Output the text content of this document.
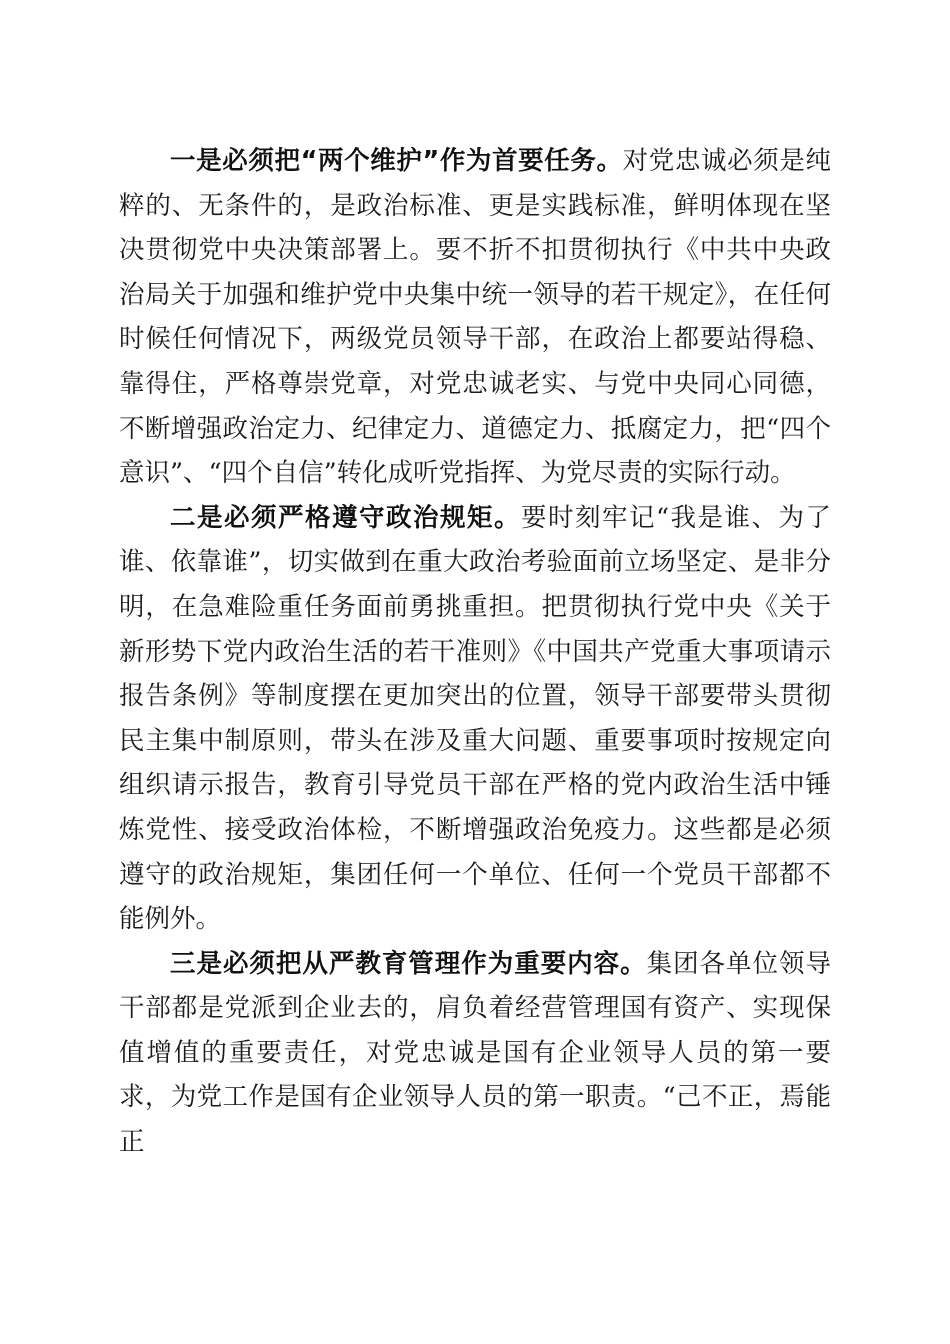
一是必须把“两个维护”作为首要任务。对党忠诚必须是纯粹的、无条件的，是政治标准、更是实践标准，鲜明体现在坚决贯彻党中央决策部署上。要不折不扣贯彻执行《中共中央政治局关于加强和维护党中央集中统一领导的若干规定》，在任何时候任何情况下，两级党员领导干部，在政治上都要站得稳、靠得住，严格尊崇党章，对党忠诚老实、与党中央同心同德，不断增强政治定力、纪律定力、道德定力、抵腐定力，把“四个意识”、“四个自信”转化成听党指挥、为党尽责的实际行动。

二是必须严格遵守政治规矩。要时刻牢记“我是谁、为了谁、依靠谁”，切实做到在重大政治考验面前立场坚定、是非分明，在急难险重任务面前勇挑重担。把贯彻执行党中央《关于新形势下党内政治生活的若干准则》《中国共产党重大事项请示报告条例》等制度摆在更加突出的位置，领导干部要带头贯彻民主集中制原则，带头在涉及重大问题、重要事项时按规定向组织请示报告，教育引导党员干部在严格的党内政治生活中锤炼党性、接受政治体检，不断增强政治免疫力。这些都是必须遵守的政治规矩，集团任何一个单位、任何一个党员干部都不能例外。

三是必须把从严教育管理作为重要内容。集团各单位领导干部都是党派到企业去的，肩负着经营管理国有资产、实现保值增值的重要责任，对党忠诚是国有企业领导人员的第一要求，为党工作是国有企业领导人员的第一职责。“己不正，焉能正
